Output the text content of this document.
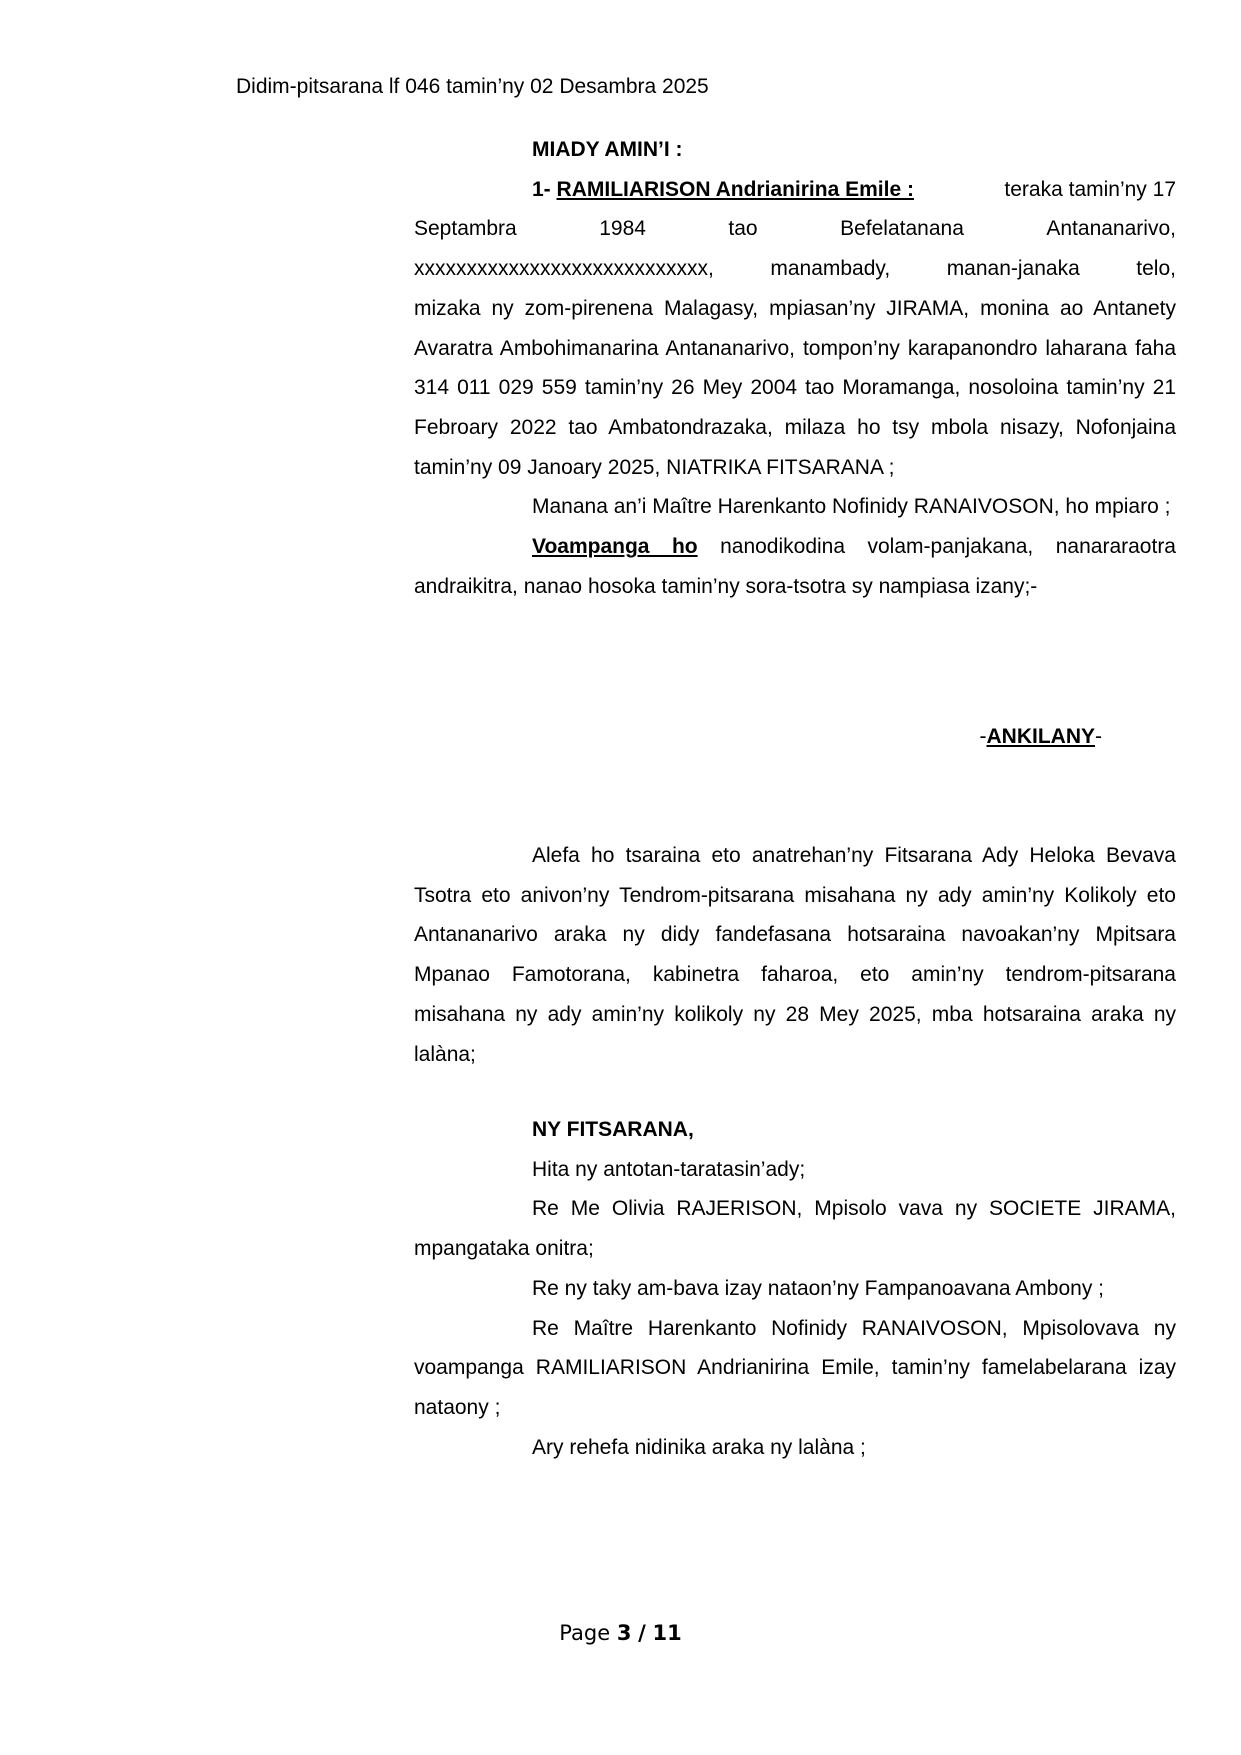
Didim-pitsarana lf 046 tamin’ny 02 Desambra 2025
MIADY AMIN’I :
1- RAMILIARISON Andrianirina Emile :	teraka tamin’ny 17
Septambra	1984	tao	Befelatanana	Antananarivo,
xxxxxxxxxxxxxxxxxxxxxxxxxxxx,	manambady,	manan-janaka	telo,
mizaka ny zom-pirenena Malagasy, mpiasan’ny JIRAMA, monina ao Antanety Avaratra Ambohimanarina Antananarivo, tompon’ny karapanondro laharana faha 314 011 029 559 tamin’ny 26 Mey 2004 tao Moramanga, nosoloina tamin’ny 21 Febroary 2022 tao Ambatondrazaka, milaza ho tsy mbola nisazy, Nofonjaina tamin’ny 09 Janoary 2025, NIATRIKA FITSARANA ;
Manana an’i Maître Harenkanto Nofinidy RANAIVOSON, ho mpiaro ;
Voampanga ho nanodikodina volam-panjakana, nanararaotra andraikitra, nanao hosoka tamin’ny sora-tsotra sy nampiasa izany;-
-ANKILANY-
Alefa ho tsaraina eto anatrehan’ny Fitsarana Ady Heloka Bevava Tsotra eto anivon’ny Tendrom-pitsarana misahana ny ady amin’ny Kolikoly eto Antananarivo araka ny didy fandefasana hotsaraina navoakan’ny Mpitsara Mpanao Famotorana, kabinetra faharoa, eto amin’ny tendrom-pitsarana misahana ny ady amin’ny kolikoly ny 28 Mey 2025, mba hotsaraina araka ny lalàna;
NY FITSARANA,
Hita ny antotan-taratasin’ady;
Re Me Olivia RAJERISON, Mpisolo vava ny SOCIETE JIRAMA, mpangataka onitra;
Re ny taky am-bava izay nataon’ny Fampanoavana Ambony ;
Re Maître Harenkanto Nofinidy RANAIVOSON, Mpisolovava ny voampanga RAMILIARISON Andrianirina Emile, tamin’ny famelabelarana izay nataony ;
Ary rehefa nidinika araka ny lalàna ;
Page 3 / 11
